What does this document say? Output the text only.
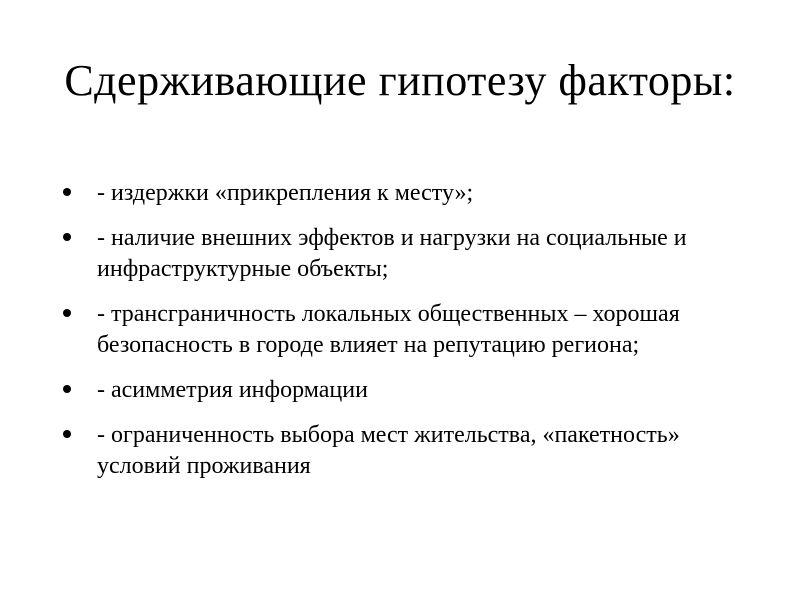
Сдерживающие гипотезу факторы:
- издержки «прикрепления к месту»;
- наличие внешних эффектов и нагрузки на социальные и инфраструктурные объекты;
- трансграничность локальных общественных – хорошая безопасность в городе влияет на репутацию региона;
- асимметрия информации
- ограниченность выбора мест жительства, «пакетность» условий проживания
